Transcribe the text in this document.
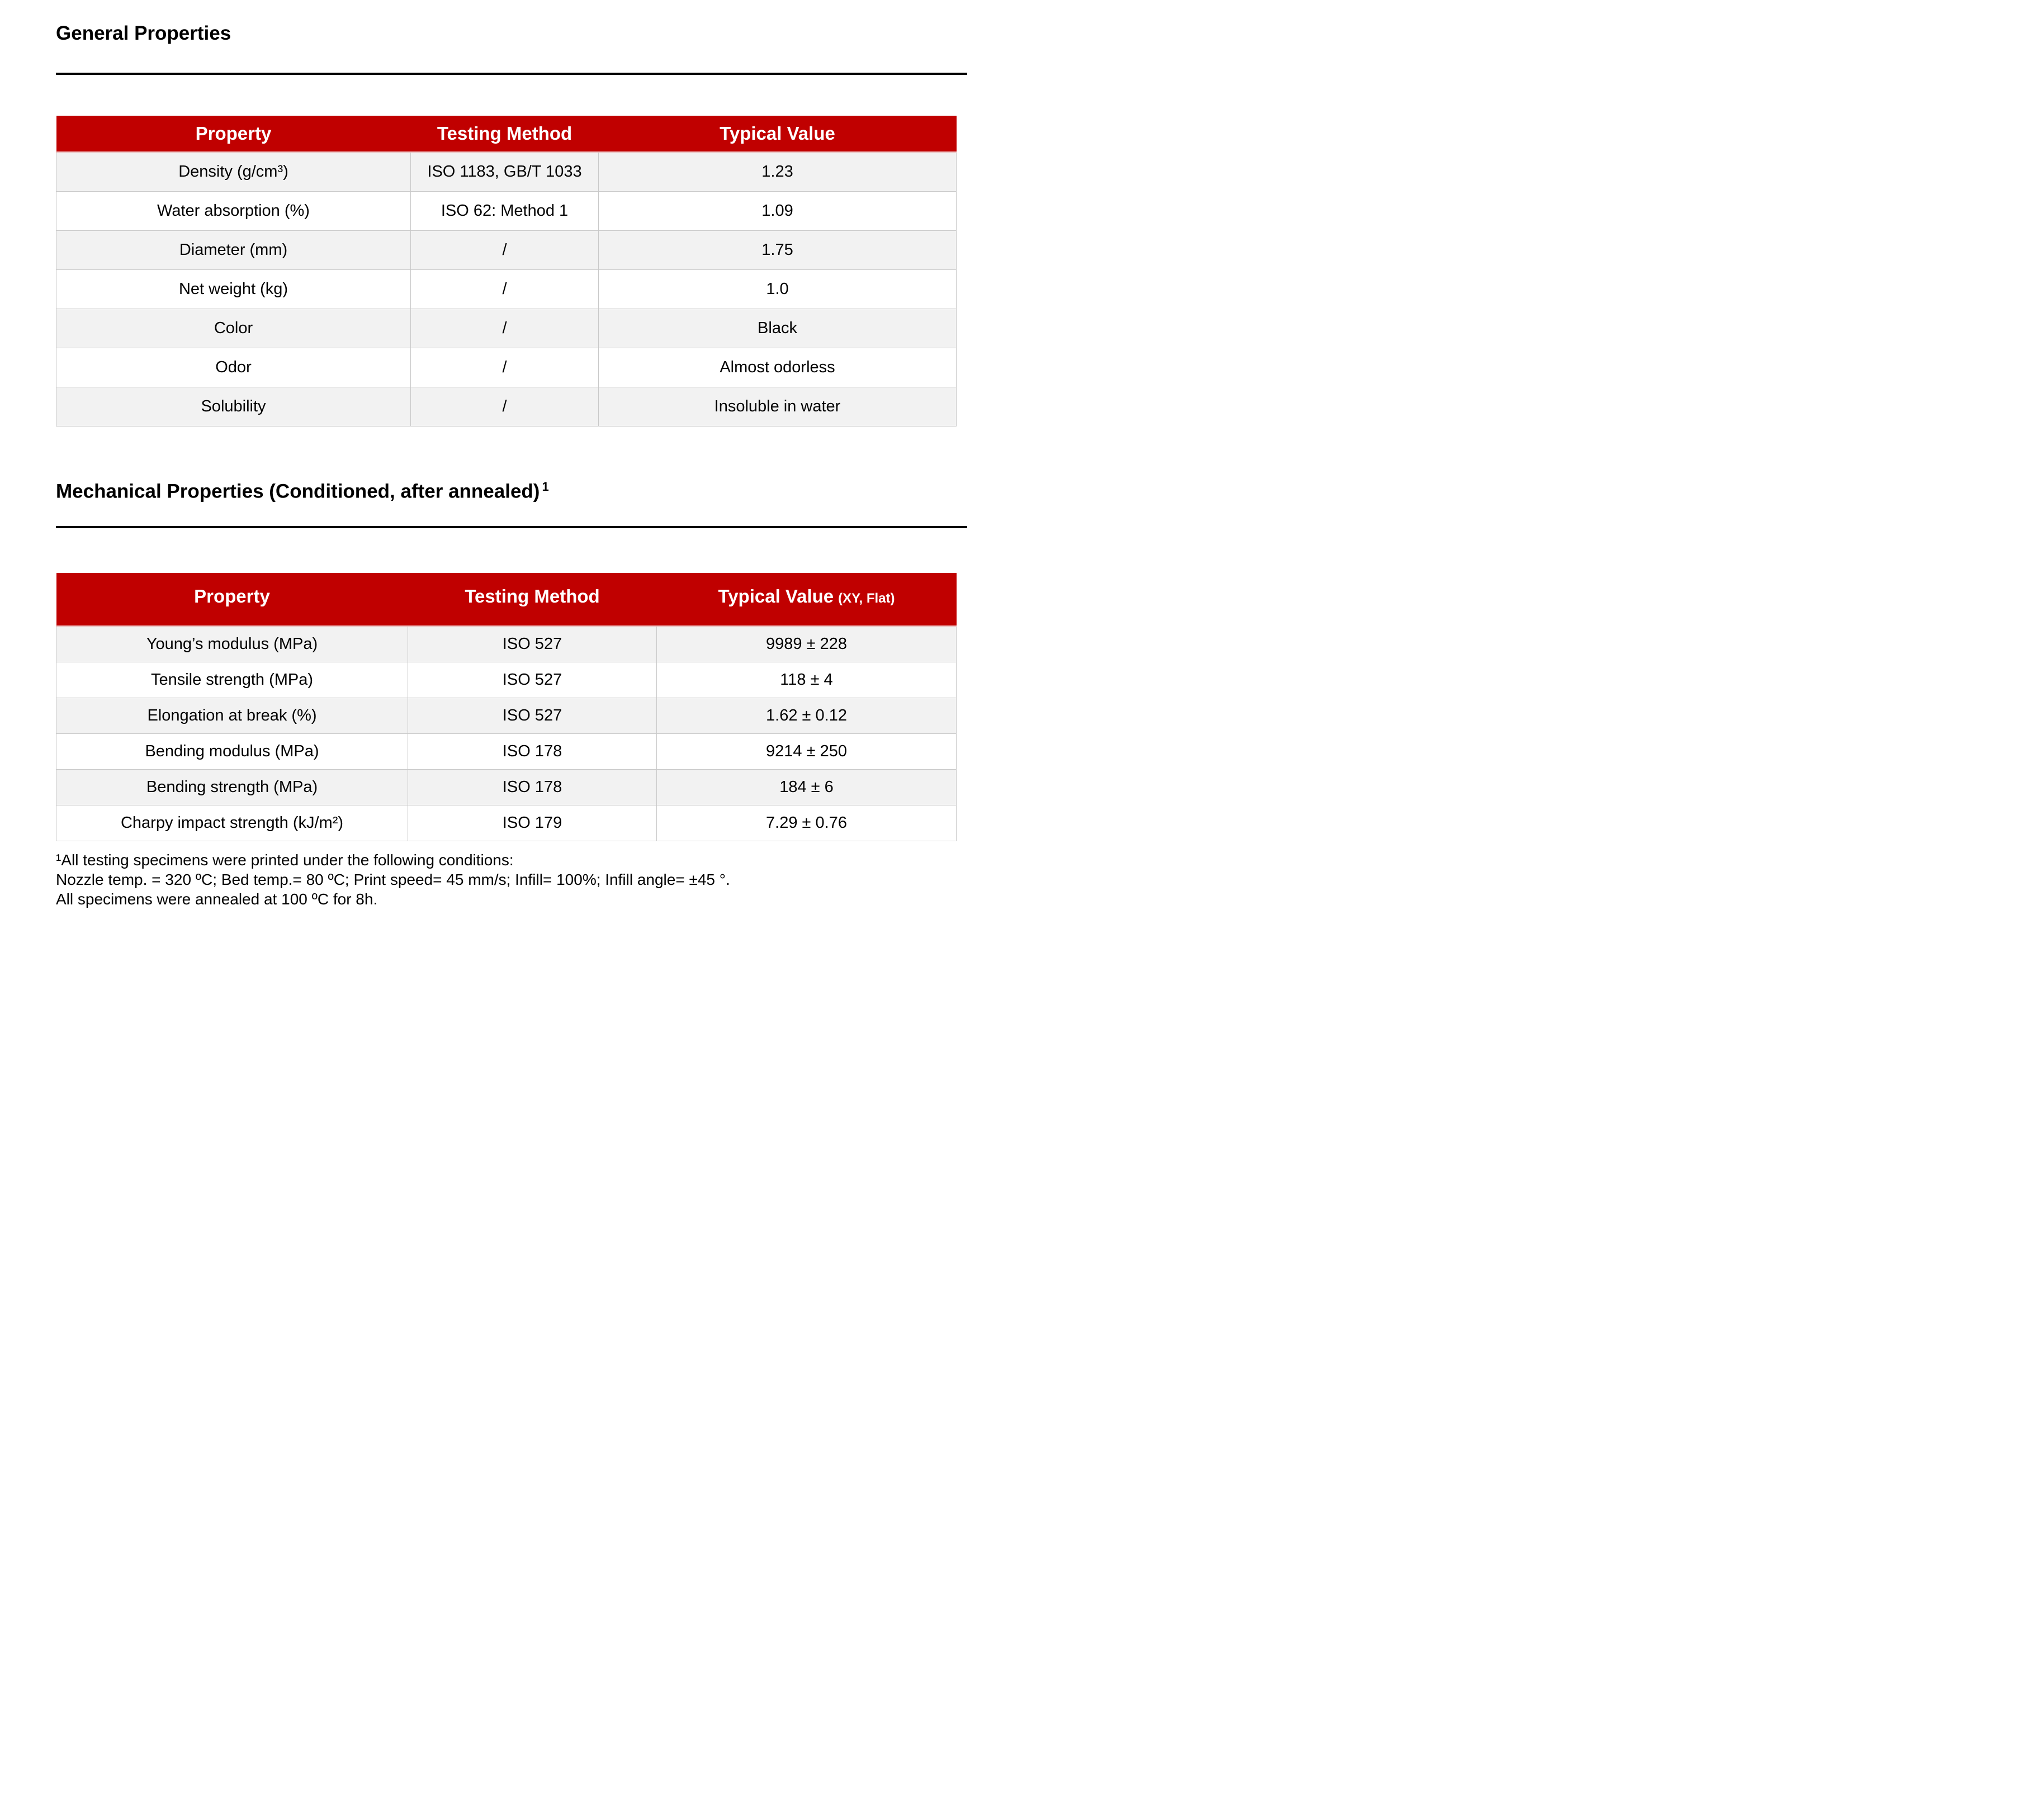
General Properties
Property	Testing Method	Typical Value
Density (g/cm³)	ISO 1183, GB/T 1033	1.23
Water absorption (%)	ISO 62: Method 1	1.09
Diameter (mm)	/	1.75
Net weight (kg)	/	1.0
Color	/	Black
Odor	/	Almost odorless
Solubility	/	Insoluble in water
Mechanical Properties (Conditioned, after annealed) $^1$
Property	Testing Method	Typical Value (XY, Flat)
Young’s modulus (MPa)	ISO 527	9989 ± 228
Tensile strength (MPa)	ISO 527	118 ± 4
Elongation at break (%)	ISO 527	1.62 ± 0.12
Bending modulus (MPa)	ISO 178	9214 ± 250
Bending strength (MPa)	ISO 178	184 ± 6
Charpy impact strength (kJ/m²)	ISO 179	7.29 ± 0.76
¹All testing specimens were printed under the following conditions:
Nozzle temp. = 320 ºC; Bed temp.= 80 ºC; Print speed= 45 mm/s; Infill= 100%; Infill angle= ±45 °.
All specimens were annealed at 100 ºC for 8h.
